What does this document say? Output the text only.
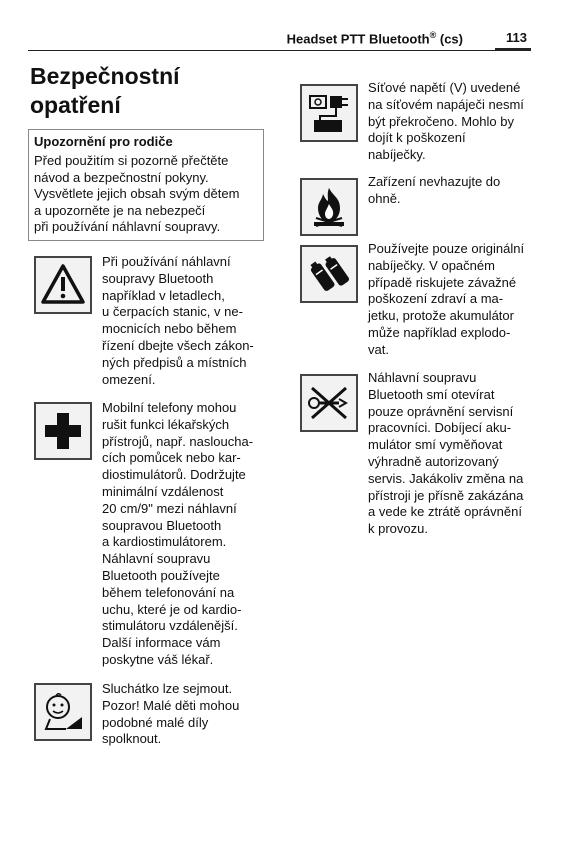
Headset PTT Bluetooth® (cs)	113
Bezpečnostní opatření
Upozornění pro rodiče
Před použitím si pozorně přečtěte
návod a bezpečnostní pokyny.
Vysvětlete jejich obsah svým dětem
a upozorněte je na nebezpečí
při používání náhlavní soupravy.
Při používání náhlavní
soupravy Bluetooth
například v letadlech,
u čerpacích stanic, v ne-
mocnicích nebo během
řízení dbejte všech zákon-
ných předpisů a místních
omezení.
Mobilní telefony mohou
rušit funkci lékařských
přístrojů, např. naslouchа-
cích pomůcek nebo kar-
diostimulátorů. Dodržujte
minimální vzdálenost
20 cm/9" mezi náhlavní
soupravou Bluetooth
a kardiostimulátorem.
Náhlavní soupravu
Bluetooth používejte
během telefonování na
uchu, které je od kardio-
stimulátoru vzdálenější.
Další informace vám
poskytne váš lékař.
Sluchátko lze sejmout.
Pozor! Malé děti mohou
podobné malé díly
spolknout.
Síťové napětí (V) uvedené
na síťovém napáječi nesmí
být překročeno. Mohlo by
dojít k poškození
nabíječky.
Zařízení nevhazujte do
ohně.
Používejte pouze originální
nabíječky. V opačném
případě riskujete závažné
poškození zdraví a ma-
jetku, protože akumulátor
může například explodo-
vat.
Náhlavní soupravu
Bluetooth smí otevírat
pouze oprávnění servisní
pracovníci. Dobíjecí aku-
mulátor smí vyměňovat
výhradně autorizovaný
servis. Jakákoliv změna na
přístroji je přísně zakázána
a vede ke ztrátě oprávnění
k provozu.
